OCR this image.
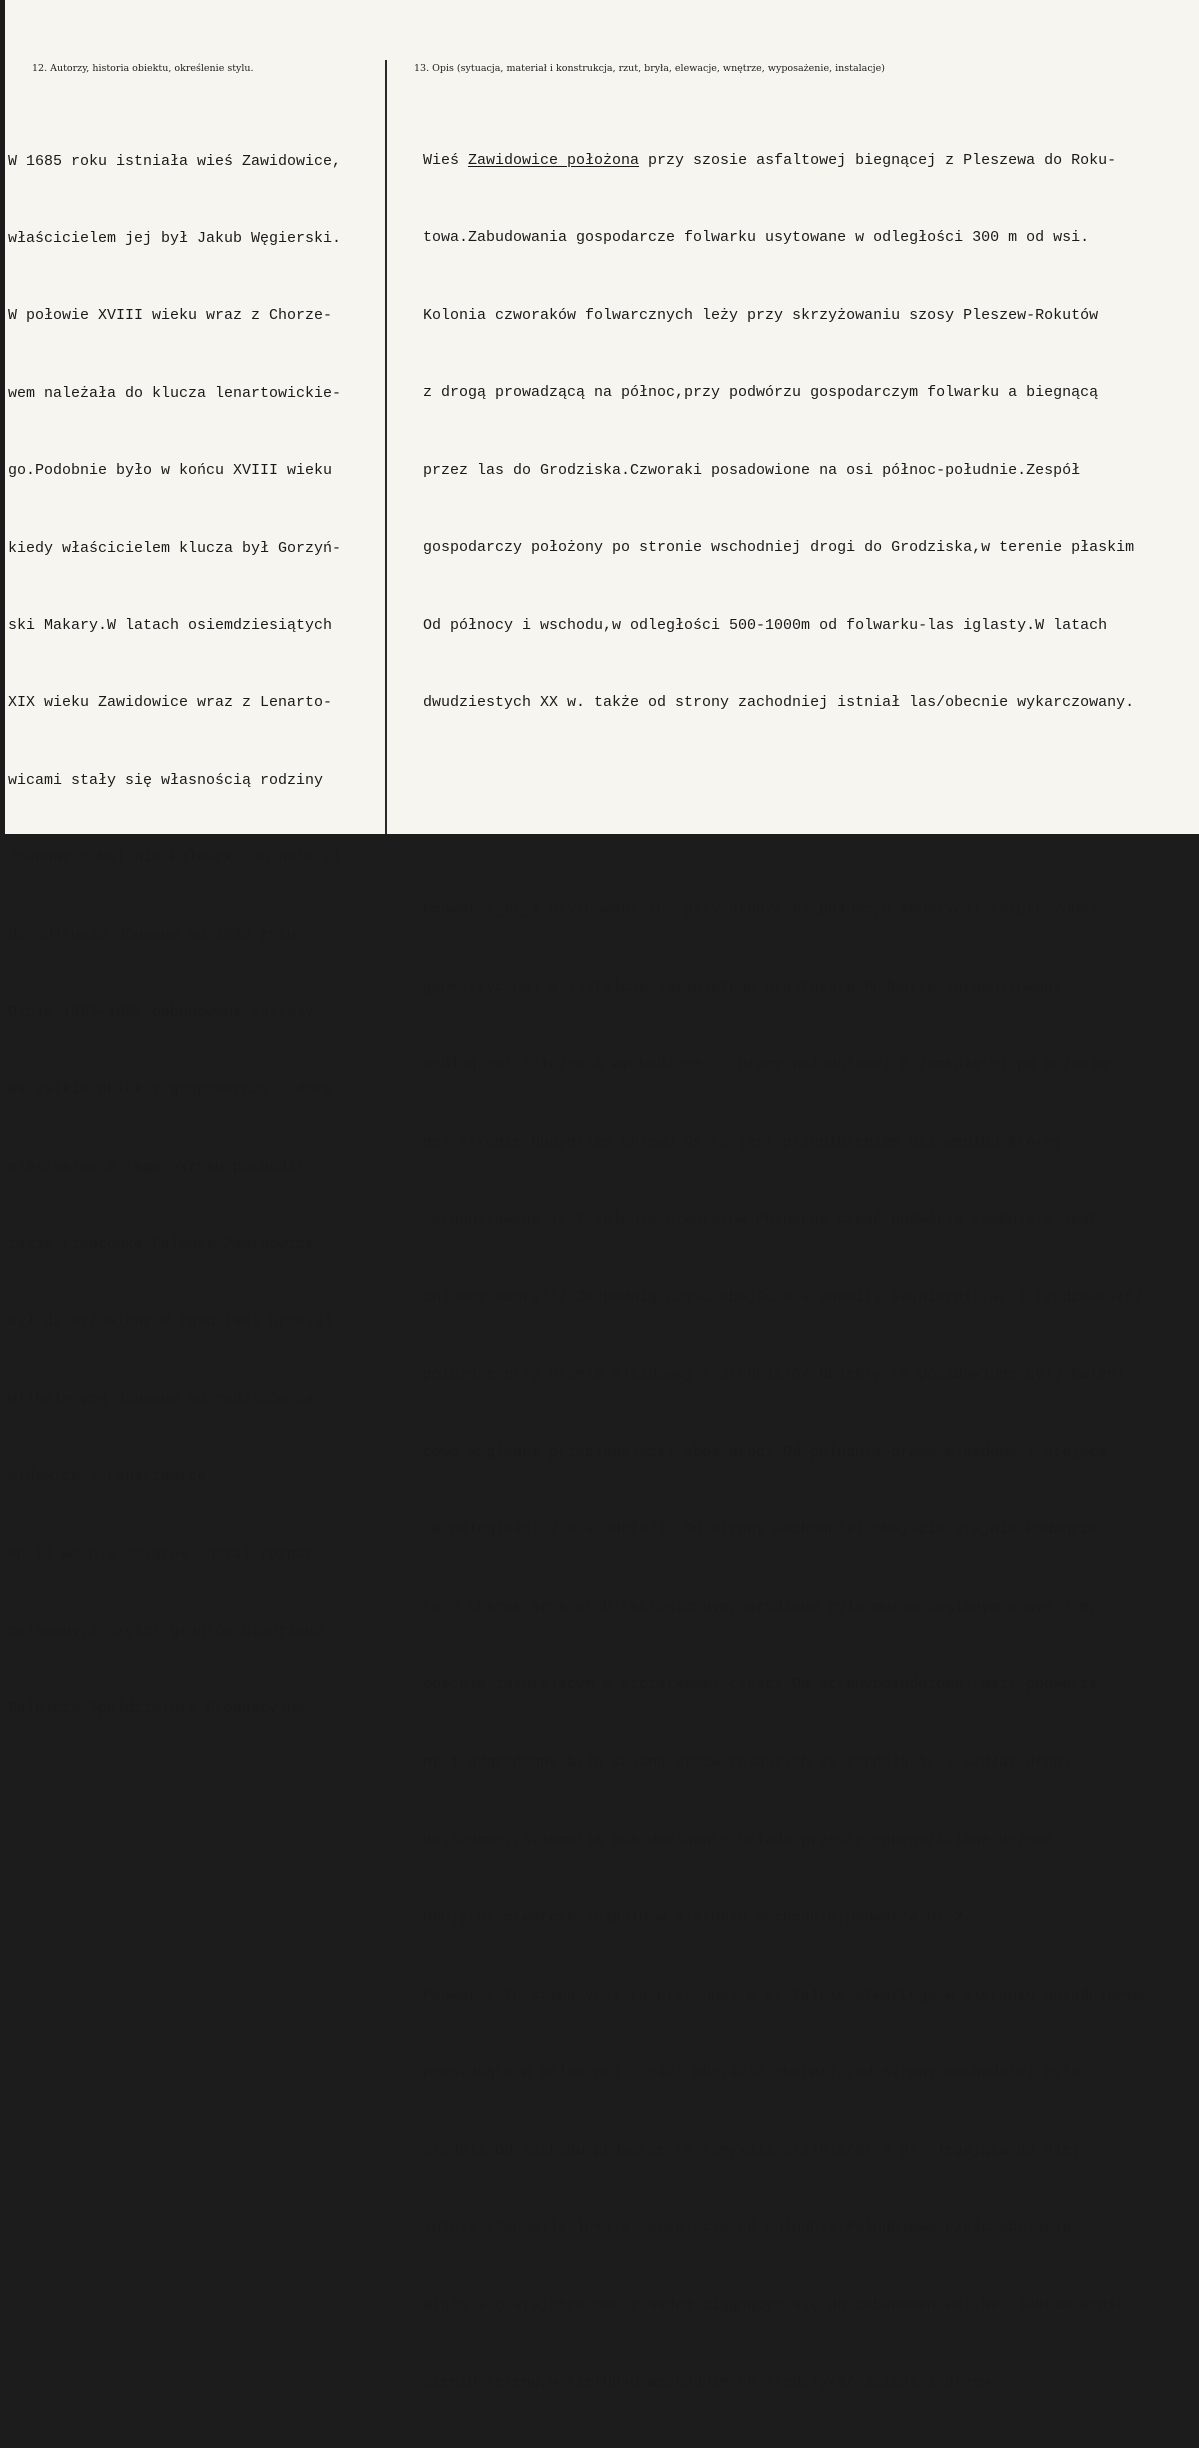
12. Autorzy, historia obiektu, określenie stylu.	13. Opis (sytuacja, materiał i konstrukcja, rzut, bryła, elewacje, wnętrze, wyposażenie, instalacje)

W 1685 roku istniała wieś Zawidowice,

właścicielem jej był Jakub Węgierski.

W połowie XVIII wieku wraz z Chorze-

wem należała do klucza lenartowickie-

go.Podobnie było w końcu XVIII wieku

kiedy właścicielem klucza był Gorzyń-

ski Makary.W latach osiemdziesiątych

XIX wieku Zawidowice wraz z Lenarto-

wicami stały się własnością rodziny

Jouanne z Malinia.Folwark ten należał

do Juliusza JOuanne od 1893 roku.

Około 1885-1895 pobudowane zostały

wszystkie obiekty gospodarcze i domy

mieszkalne.Z tego okresu pochodzi

także rządcówka.Folwark Zawidowice

był dzierżawiony.W roku 1941 przejął

Wilhelm von Jouanne od rodziców Za-

widowice i Lenartowice.

Po II wojnie majątek został rozpar-

celowany,z części gruntów utworzono

Rolniczą Spółdzielnie Produkcyjną.

Wieś Zawidowice położona przy szosie asfaltowej biegnącej z Pleszewa do Roku-

towa.Zabudowania gospodarcze folwarku usytowane w odległości 300 m od wsi.

Kolonia czworaków folwarcznych leży przy skrzyżowaniu szosy Pleszew-Rokutów

z drogą prowadzącą na północ,przy podwórzu gospodarczym folwarku a biegnącą

przez las do Grodziska.Czworaki posadowione na osi północ-południe.Zespół

gospodarczy położony po stronie wschodniej drogi do Grodziska,w terenie płaskim

Od północy i wschodu,w odległości 500-1000m od folwarku-las iglasty.W latach

dwudziestych XX w. także od strony zachodniej istniał las/obecnie wykarczowany.

Podwórze nr 1 usytuowane tuż przy drodze na północ,o kmpozycji rozproszonej,

geometrycznej w kształcie zamkniętego prostokąta.Podwórze zorganizowane

według osi założenia wychodzącej z bramy południowej a zamkniętej po przeciw-

nej stronie budynkiem chlewu.Oś ta jest przedłużeniem osi według której

zorganizowana jest kolonia czworaków.Północna część podwórza zamknięta jest

chlewem-oborą/4/.Zachodnią część obejścia stanowiły:świniarnia/3/ i rządcówka/5/

położone przy bramie wjazdowej i stodoła/6/.Obiekty te posadowione były kaleni-

cowo względem przebiegającej obok drogi.Od południa-brama wjazdowa i stojąca

w odległości 2 m stodoła/1/.Od strony wschodniej obejścia-stajnia.Podwórze

to o charakterze architektonicznym,ogrodzone było murem ceglanym o wys.2 m,

obecnie istniejącym w szczątkowej części.Od stronypołudniowej/wsi/ podwórze

nr 1 odgrodzone było ścianą drzew rosnących za stodołą/1/ i wzdłuż drogi

dojazdowej,stanowiła ona dominantę układu przestrzennego/ściana drzew/.

Obojętne otwarcie zespołu w kierunku wschodnim,podwórza nr 2.

Podwórze to kompozycji rozproszonej,w kształcie otwartego w kierunku południowym

prostokąta.W północnej części obejścia obora/7/,od strony wschodniej była

stodoła.Od zachodu podwórze to zamykała stajnia/8/ a przylegająca do niej

kuźnia stanowiła lekkie zamknięcie od południa.Południowa część obejścia

wiąże się krajobrazowo z sadem ciągnącym się do zabudowań wsi.Na  lekkim wznie-

sieniu terenu,w kierunku wschodnim od stodoły/9/ ściana z drzew.
